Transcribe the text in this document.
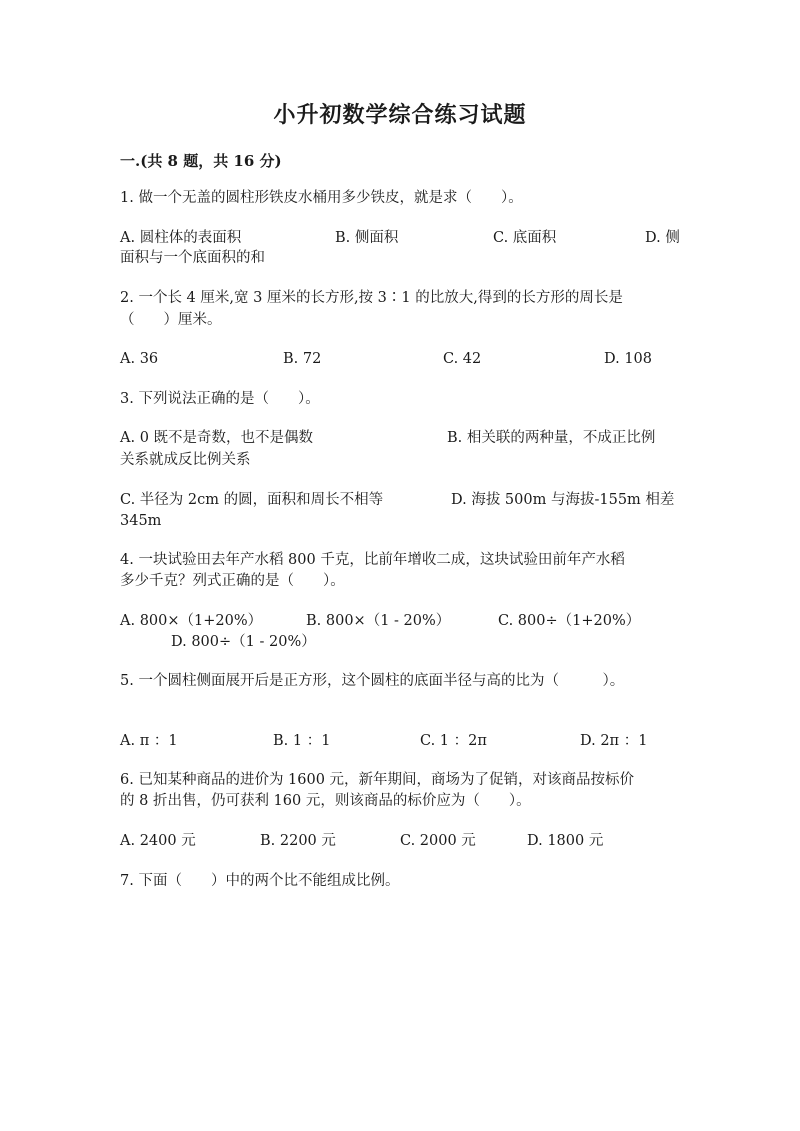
小升初数学综合练习试题
一.(共 8 题，共 16 分)
1. 做一个无盖的圆柱形铁皮水桶用多少铁皮，就是求（　　）。
A. 圆柱体的表面积	B. 侧面积	C. 底面积	D. 侧
面积与一个底面积的和
2. 一个长 4 厘米,宽 3 厘米的长方形,按 3∶1 的比放大,得到的长方形的周长是
（　　）厘米。
A. 36	B. 72	C. 42	D. 108
3. 下列说法正确的是（　　）。
A. 0 既不是奇数，也不是偶数	B. 相关联的两种量，不成正比例
关系就成反比例关系
C. 半径为 2cm 的圆，面积和周长不相等	D. 海拔 500m 与海拔-155m 相差
345m
4. 一块试验田去年产水稻 800 千克，比前年增收二成，这块试验田前年产水稻
多少千克？列式正确的是（　　）。
A. 800×（1+20%）	B. 800×（1 - 20%）	C. 800÷（1+20%）
D. 800÷（1 - 20%）
5. 一个圆柱侧面展开后是正方形，这个圆柱的底面半径与高的比为（　　　）。
A. π ：1	B. 1 ：1	C. 1 ：2π	D. 2π ：1
6. 已知某种商品的进价为 1600 元，新年期间，商场为了促销，对该商品按标价
的 8 折出售，仍可获利 160 元，则该商品的标价应为（　　）。
A. 2400 元	B. 2200 元	C. 2000 元	D. 1800 元
7. 下面（　　）中的两个比不能组成比例。
